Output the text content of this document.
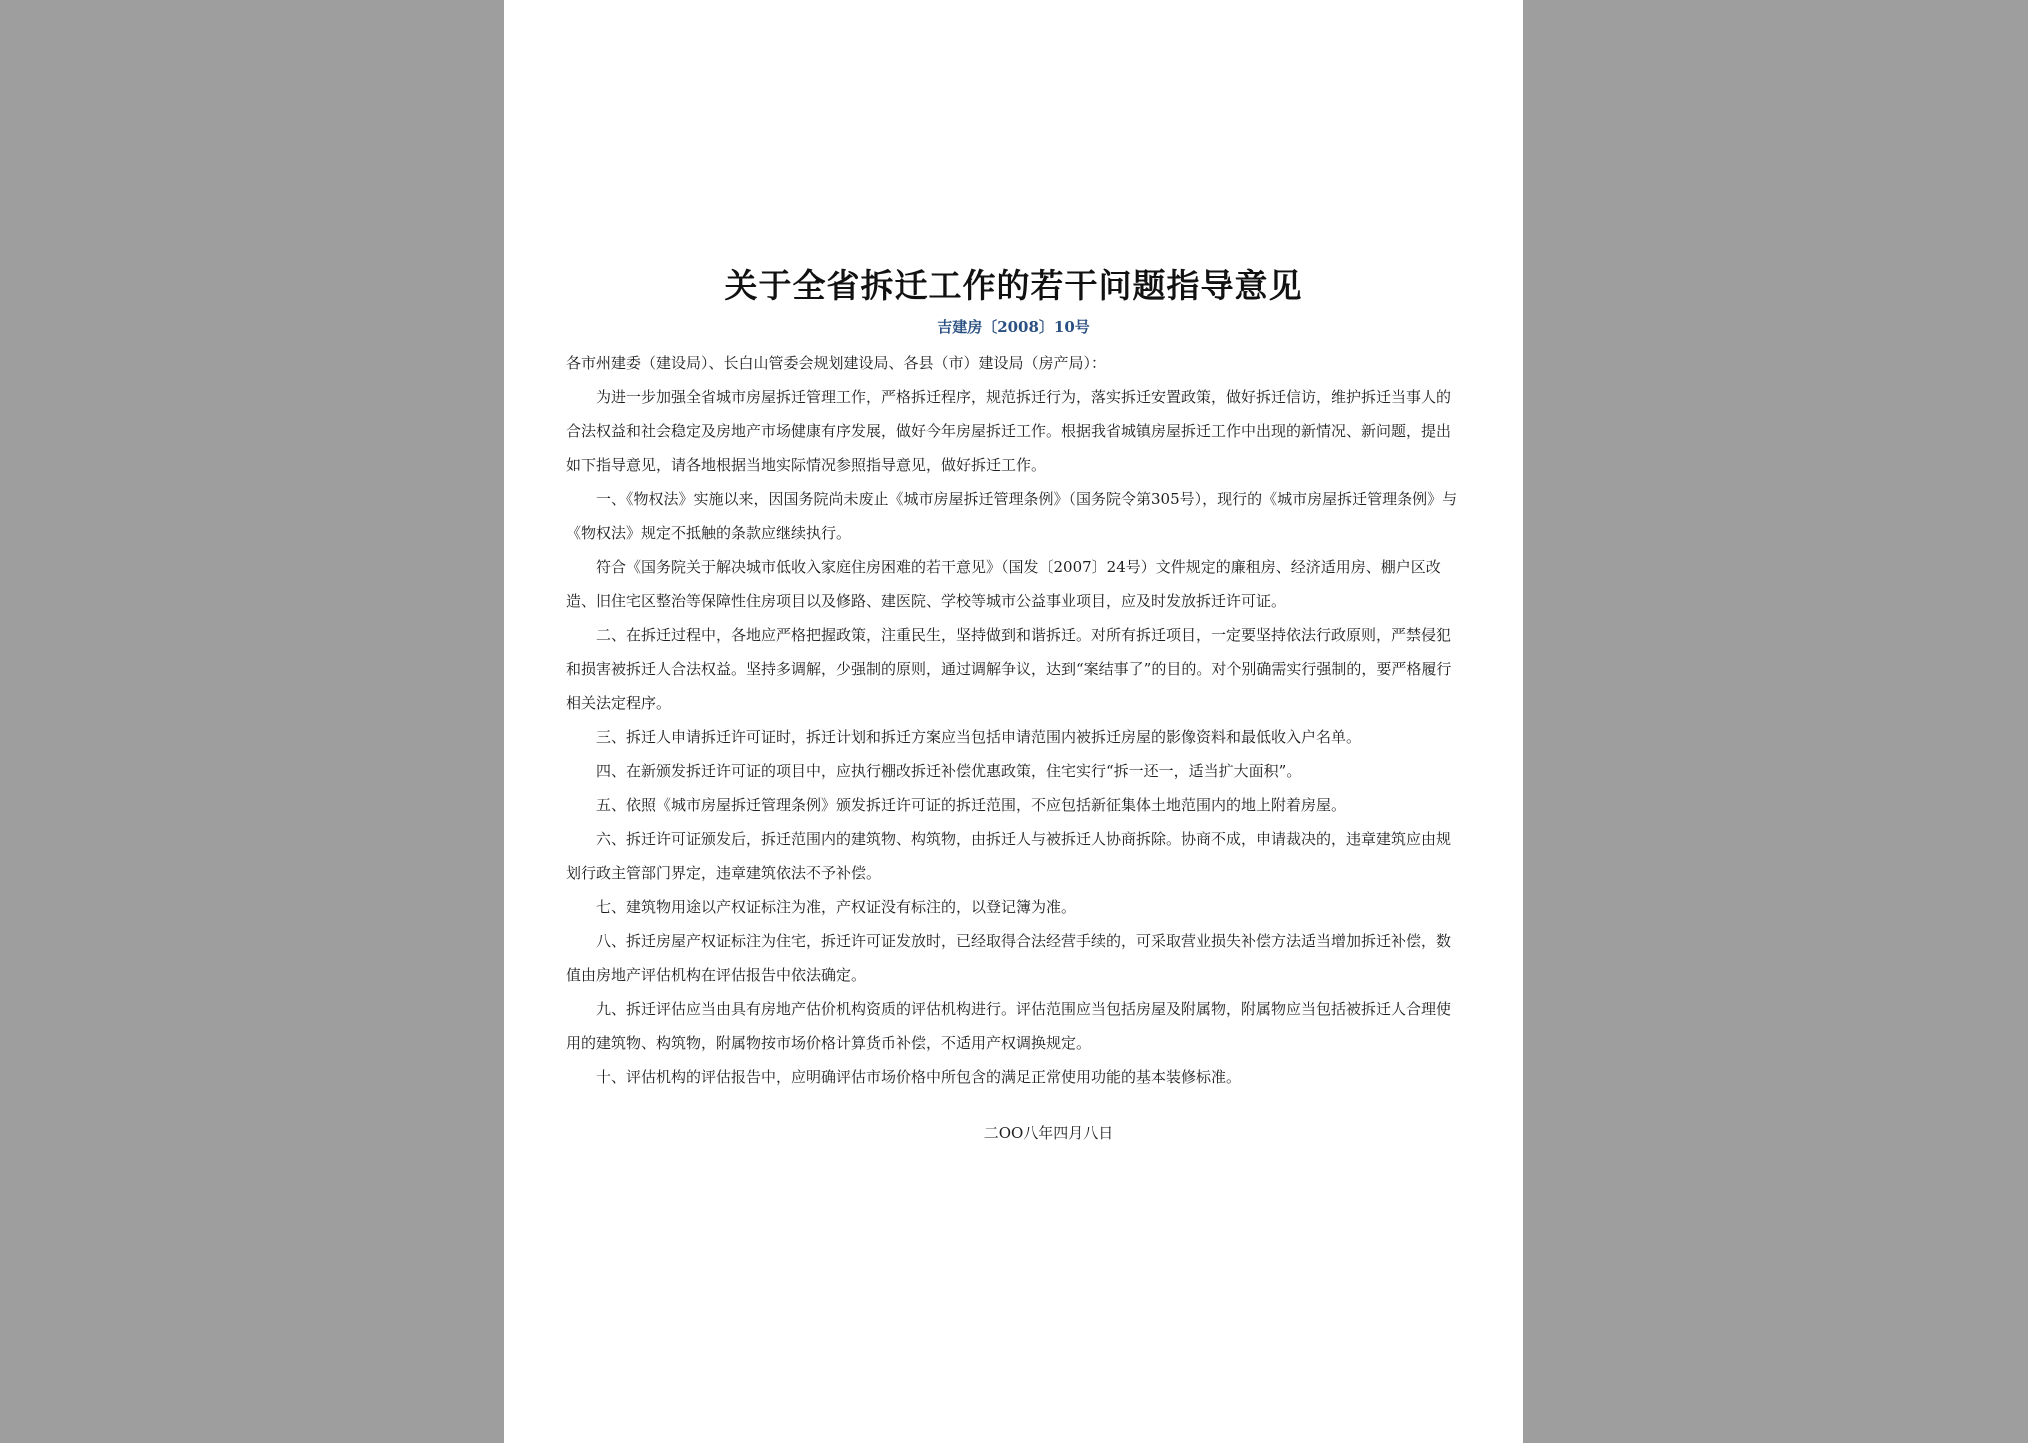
关于全省拆迁工作的若干问题指导意见
吉建房〔2008〕10号

各市州建委（建设局）、长白山管委会规划建设局、各县（市）建设局（房产局）：

为进一步加强全省城市房屋拆迁管理工作，严格拆迁程序，规范拆迁行为，落实拆迁安置政策，做好拆迁信访，维护拆迁当事人的合法权益和社会稳定及房地产市场健康有序发展，做好今年房屋拆迁工作。根据我省城镇房屋拆迁工作中出现的新情况、新问题，提出如下指导意见，请各地根据当地实际情况参照指导意见，做好拆迁工作。

一、《物权法》实施以来，因国务院尚未废止《城市房屋拆迁管理条例》（国务院令第305号），现行的《城市房屋拆迁管理条例》与《物权法》规定不抵触的条款应继续执行。

符合《国务院关于解决城市低收入家庭住房困难的若干意见》（国发〔2007〕24号）文件规定的廉租房、经济适用房、棚户区改造、旧住宅区整治等保障性住房项目以及修路、建医院、学校等城市公益事业项目，应及时发放拆迁许可证。

二、在拆迁过程中，各地应严格把握政策，注重民生，坚持做到和谐拆迁。对所有拆迁项目，一定要坚持依法行政原则，严禁侵犯和损害被拆迁人合法权益。坚持多调解，少强制的原则，通过调解争议，达到“案结事了”的目的。对个别确需实行强制的，要严格履行相关法定程序。

三、拆迁人申请拆迁许可证时，拆迁计划和拆迁方案应当包括申请范围内被拆迁房屋的影像资料和最低收入户名单。

四、在新颁发拆迁许可证的项目中，应执行棚改拆迁补偿优惠政策，住宅实行“拆一还一，适当扩大面积”。

五、依照《城市房屋拆迁管理条例》颁发拆迁许可证的拆迁范围，不应包括新征集体土地范围内的地上附着房屋。

六、拆迁许可证颁发后，拆迁范围内的建筑物、构筑物，由拆迁人与被拆迁人协商拆除。协商不成，申请裁决的，违章建筑应由规划行政主管部门界定，违章建筑依法不予补偿。

七、建筑物用途以产权证标注为准，产权证没有标注的，以登记簿为准。

八、拆迁房屋产权证标注为住宅，拆迁许可证发放时，已经取得合法经营手续的，可采取营业损失补偿方法适当增加拆迁补偿，数值由房地产评估机构在评估报告中依法确定。

九、拆迁评估应当由具有房地产估价机构资质的评估机构进行。评估范围应当包括房屋及附属物，附属物应当包括被拆迁人合理使用的建筑物、构筑物，附属物按市场价格计算货币补偿，不适用产权调换规定。

十、评估机构的评估报告中，应明确评估市场价格中所包含的满足正常使用功能的基本装修标准。

二OO八年四月八日
